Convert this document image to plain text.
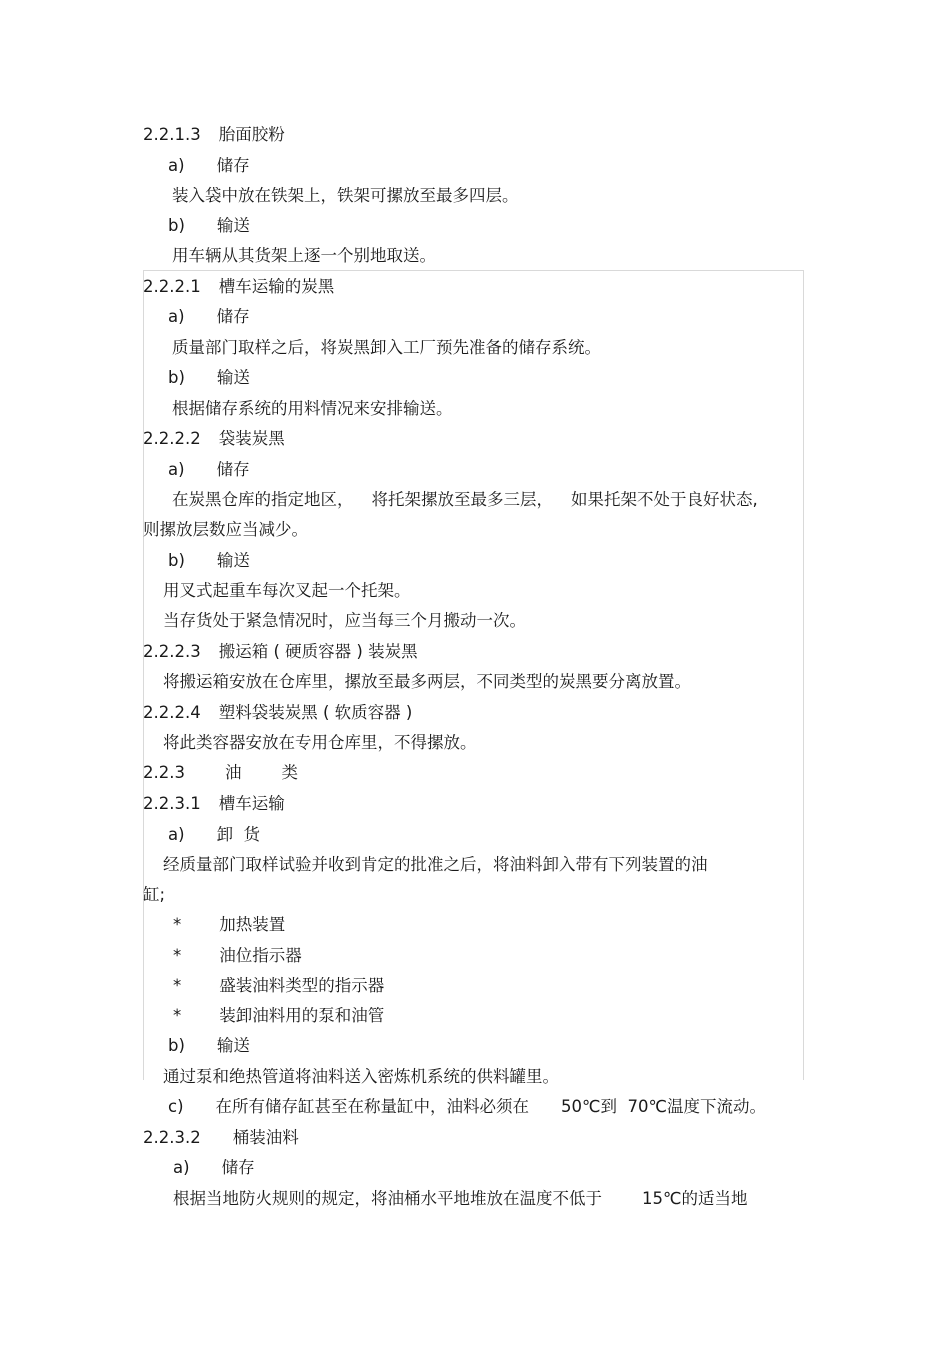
2.2.1.3 胎面胶粉
a) 储存
装入袋中放在铁架上，铁架可摞放至最多四层。
b) 输送
用车辆从其货架上逐一个别地取送。
2.2.2.1 槽车运输的炭黑
a) 储存
质量部门取样之后，将炭黑卸入工厂预先准备的储存系统。
b) 输送
根据储存系统的用料情况来安排输送。
2.2.2.2 袋装炭黑
a) 储存
在炭黑仓库的指定地区， 将托架摞放至最多三层， 如果托架不处于良好状态,
则摞放层数应当减少。
b) 输送
用叉式起重车每次叉起一个托架。
当存货处于紧急情况时，应当每三个月搬动一次。
2.2.2.3 搬运箱 ( 硬质容器 ) 装炭黑
将搬运箱安放在仓库里，摞放至最多两层，不同类型的炭黑要分离放置。
2.2.2.4 塑料袋装炭黑 ( 软质容器 )
将此类容器安放在专用仓库里，不得摞放。
2.2.3 油 类
2.2.3.1 槽车运输
a) 卸  货
经质量部门取样试验并收到肯定的批准之后，将油料卸入带有下列装置的油
缸;
* 加热装置
* 油位指示器
* 盛装油料类型的指示器
* 装卸油料用的泵和油管
b) 输送
通过泵和绝热管道将油料送入密炼机系统的供料罐里。
c) 在所有储存缸甚至在称量缸中，油料必须在 50℃到  70℃温度下流动。
2.2.3.2 桶装油料
a) 储存
根据当地防火规则的规定，将油桶水平地堆放在温度不低于 15℃的适当地
